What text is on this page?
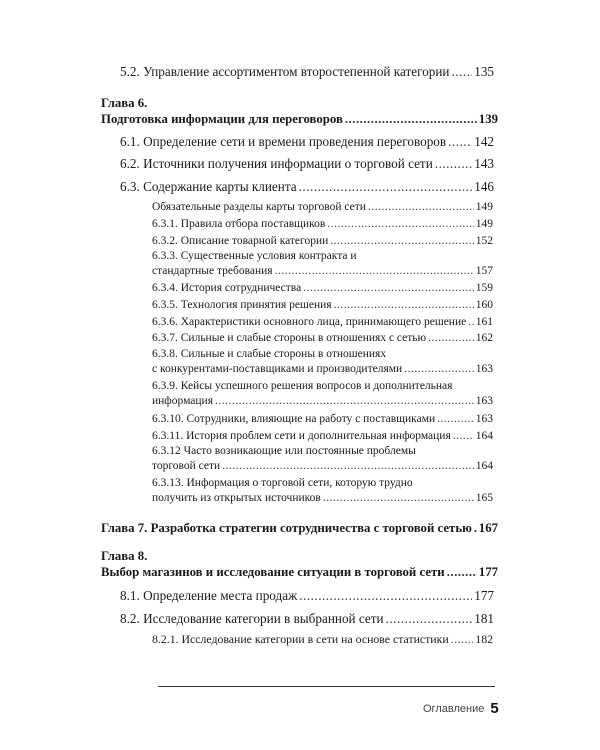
5.2. Управление ассортиментом второстепенной категории ..... 135
Глава 6.
Подготовка информации для переговоров .....	139
6.1. Определение сети и времени проведения переговоров ..... 142
6.2. Источники получения информации о торговой сети .....	143
6.3. Содержание карты клиента .....	146
Обязательные разделы карты торговой сети .....	149
6.3.1. Правила отбора поставщиков .....	149
6.3.2. Описание товарной категории .....	152
6.3.3. Существенные условия контракта и
стандартные требования .....	157
6.3.4. История сотрудничества .....	159
6.3.5. Технология принятия решения .....	160
6.3.6. Характеристики основного лица, принимающего решение ..... 161
6.3.7. Сильные и слабые стороны в отношениях с сетью .....	162
6.3.8. Сильные и слабые стороны в отношениях
с конкурентами-поставщиками и производителями .....	163
6.3.9. Кейсы успешного решения вопросов и дополнительная
информация .....	163
6.3.10. Сотрудники, влияющие на работу с поставщиками .....	163
6.3.11. История проблем сети и дополнительная информация ..... 164
6.3.12 Часто возникающие или постоянные проблемы
торговой сети .....	164
6.3.13. Информация о торговой сети, которую трудно
получить из открытых источников .....	165
Глава 7. Разработка стратегии сотрудничества с торговой сетью ..... 167
Глава 8.
Выбор магазинов и исследование ситуации в торговой сети .....	177
8.1. Определение места продаж .....	177
8.2. Исследование категории в выбранной сети .....	181
8.2.1. Исследование категории в сети на основе статистики ..... 182
Оглавление 5
